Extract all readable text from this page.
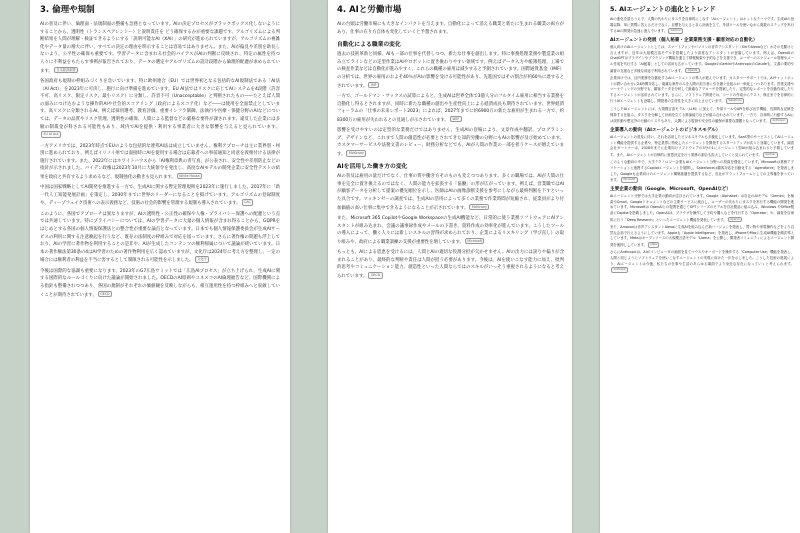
3. 倫理や規制

AIの普及に伴い、倫理面・法規制面の整備も急務となっています。AIの決定プロセスがブラックボックス化しないようにすることから、透明性（トランスペアレンシー）と説明責任を どう確保するかが重要な課題です。アルゴリズムによる判断結果を人間が理解・検証できるようにする「説明可能なAI（XAI）」の研究が進められていますが、アルゴリズムの複雑化やデータ量の増大に伴い、すべての決定の理由を明示することは容易ではありません。また、AIが偏見や差別を助長しないよう、公平性の確保も重要です。学習データに含まれる社会的バイアスがAIの判断に反映され、特定の属性を持つ人々に不利益をもたらす事例が報告されており、データの選定やアルゴリズムの設計段階から倫理的配慮が求められています。 日本経済新聞

各国政府も規制の枠組みづくりを急いでいます。特に欧州連合（EU）では世界初となる包括的なAI規制法である「AI法（AI Act）」を2023年に可決し、施行に向け準備を進めています。EU AI法ではリスクに応じてAIシステムを4段階（許容不可、高リスク、限定リスク、最小リスク）に分類し、許容不可（Unacceptable）と判断されたもの――たとえば人間の弱みにつけ込むような操作的AIや社会的スコアリング（政府によるスコア化）など――は使用を全面禁止としています。高リスクに分類されるAI、例えば採用選考、教育評価、重要インフラ制御、法執行や医療・保健分野のAIなどについては、データの品質やリスク管理、透明性の確保、人間による監督などの厳格な要件が課されます。違反した企業には多額の制裁金が科される可能性もあり、域内でAIを提供・利用する事業者に大きな影響を与えると見られています。EU AI Act

一方アメリカでは、2023年時点でEUのような包括的な連邦AI法は成立していません。権利アプローチは主に業界別・州別に進められており、例えばイリノイ州では面接時にAIを使用する場合は応募者への事前通知と同意を義務付ける法律が施行されています。また、2022年にはホワイトハウスから「AI権利章典の青写真」が公表され、安全性や差別防止などの指針が示されました。バイデン政権は2023年10月に大統領令を発出し、高度なAIモデルの開発企業に安全性テストの結果を政府と共有するよう求めるなど、規制強化の動きも見られます。 White House

中国は国家戦略としてAI開発を推進する一方で、生成AIに関する暫定管理規則を2023年に施行しました。2017年に「新一代人工知能発展計画」を策定し、2030年までに世界のリーダーになることを掲げています。アルゴリズムの登録制度や、ディープフェイク技術への表示義務など、技術の社会的影響を管理する規制も導入されています。 CAC

このように、各国でアプローチは異なりますが、AIの透明性・公正性の確保や人権・プライバシー保護への配慮という点では共通しています。特にプライバシーについては、AIの学習データに大量の個人情報が含まれ得ることから、GDPRをはじめとする各国の個人情報保護法との整合性が重要な論点となっています。日本でも個人情報保護委員会が生成AIサービスの利用に関する注意喚起を行うなど、既存の法制度の枠組みで対応を図っています。さらに著作権の問題も浮上しており、AIの学習に著作物を利用することの是非や、AIが生成したコンテンツの権利帰属について議論が続いています。日本の著作権法第30条の4はAI学習のための著作物利用を広く認めていますが、文化庁は2024年に考え方を整理し、一定の場合には権利者の利益を不当に害するとして制限される可能性を示しました。 文化庁

今後は国際的な協調も重要になります。2023年のG7広島サミットでは「広島AIプロセス」が立ち上げられ、生成AIに関する国際的なルールづくりに向けた議論が開始されました。OECDのAI原則やユネスコのAI倫理勧告など、国際機関による指針も整備されつつあり、各国の規制がそれぞれの価値観を反映しながらも、相互運用性を持つ枠組みへと収斂していくことが期待されています。 OECD

4. AIと労働市場

AIの台頭は労働市場にも大きなインパクトを与えます。自動化によって消える職業と新たに生まれる職業の両方があり、仕事の在り方自体も変化していくと予想されます。

自動化による職業の変化

過去の技術革新と同様、AIも一部の仕事を代替しつつ、新たな仕事を創出します。特に事務処理業務や製造業の組み立てラインなどの定型作業はAIやロボットに置き換わりやすい領域です。例えばデータ入力や帳簿処理、工場での検査作業などは自動化が進みやすく、これらの職種の雇用は減少すると予測されています。国際通貨基金（IMF）の分析では、世界の雇用のおよそ40％がAIの影響を受ける可能性があり、先進国ではその割合が約60％に達するとされています。 IMF

一方で、ゴールドマン・サックスの試算によると、生成AIは世界全体で3億人分のフルタイム雇用に相当する業務を自動化し得るとされますが、同時に新たな職種の創出や生産性向上による経済成長も期待されています。世界経済フォーラムの「仕事の未来レポート2023」によれば、2027年までに約6900万の新たな雇用が生まれる一方で、約8300万の雇用が失われるとの見通しが示されています。 WEF

影響を受けやすいのは定型的な業務だけではありません。生成AIの登場により、文章作成や翻訳、プログラミング、デザインなど、これまで人間の創造性が必要とされてきた知的労働の分野にもAIの影響が及び始めています。カスタマーサービスや法務文書のレビュー、財務分析などでも、AIが人間の作業の一部を担うケースが増えています。 McKinsey

AIを活用した働き方の変化

AIの普及は雇用の量だけでなく、仕事の質や働き方そのものも変えつつあります。多くの職場では、AIが人間の仕事を完全に置き換えるのではなく、人間の能力を拡張する「協働」の形が広がっています。例えば、営業職ではAIが顧客データを分析して提案の優先順位を示し、医師はAIの画像診断支援を参考にしながら最終判断を下すといった具合です。マッキンゼーの調査では、生成AIの活用によって多くの業務で作業時間が短縮され、従業員がより付加価値の高い仕事に集中できるようになることが示されています。 McKinsey

また、Microsoft 365 CopilotやGoogle Workspaceの生成AI機能など、日常的に使う業務ソフトウェアにAIアシスタントが組み込まれ、会議の議事録作成やメールの下書き、資料作成の効率化が進んでいます。こうしたツールの導入によって、働く人々には新しいスキルの習得が求められており、企業によるリスキリング（学び直し）の取り組みや、政府による職業訓練の支援が重要性を増しています。 Microsoft

もっとも、AIによる恩恵を受けるには、人間とAIの適切な役割分担が欠かせません。AIの出力には誤りや偏りが含まれることがあり、最終的な判断や責任は人間が担う必要があります。今後は、AIを使いこなす能力に加え、批判的思考やコミュニケーション能力、創造性といった人間ならではのスキルがいっそう重視されるようになると考えられています。 OECD

5. AIエージェントの進化とトレンド

AIの進化を語るうえで、人間の代わりにタスクを自律的にこなす「AIエージェント」はホットなテーマです。生成AIの登場以降、単に質問に答えるだけでなく、目標を与えると自ら計画を立て、外部ツールを使いながら複数のステップを実行するAIの開発が急速に進んでいます。 Gartner

AIエージェントの発展（個人秘書・企業業務支援・顧客対応の自動化）

個人向けのAIエージェントとしては、スマートフォンやパソコンの音声アシスタント（SiriやAlexaなど）がその先駆けと言えますが、近年は大規模言語モデルを搭載したより高度なアシスタントが登場しています。例えば、OpenAIのChatGPTはプラグインやブラウジング機能を通じて情報検索や予約などを支援でき、ユーザーのスケジュール管理やメール作成を代行する「AI秘書」としての活用も広がっています。GoogleのGeminiやAnthropicのClaudeも、文書の要約や調査の支援など多様な用途で利用されています。 OpenAI

企業向けでは、社内業務を自動化するAIエージェントの導入が進んでいます。カスタマーサポートでは、AIチャットボットが問い合わせに24時間対応し、複雑な案件のみを人間の担当者に引き継ぐ仕組みが一般化しつつあります。営業支援やマーケティングの分野でも、顧客データを分析して最適なアプローチを提案したり、定型的なレポートを自動作成したりするエージェントが活用されています。さらに、ソフトウェア開発では、コードの作成からテスト、修正までを自律的に行うAIエージェントも登場し、開発者の生産性を大きく向上させています。 Salesforce

こうしたAIエージェントには、大規模言語モデル（LLM）に加えて、外部ツールやAPIを呼び出す機能、長期的な記憶を保持する仕組み、タスクを分解して計画を立てる推論能力などが組み合わされています。一方で、自律的に行動するAIには誤作動や想定外の行動のリスクもあり、人間による監督や安全性の確保が重要な課題となっています。 Anthropic

企業導入の動向（AIエージェントのビジネスモデル）

AIエージェントの普及に伴い、それを活用したビジネスモデルも多様化しています。SaaS型のサービスとしてAIエージェント機能を提供する企業や、特定業界に特化したエージェントを開発するスタートアップが次々と登場しています。調査会社ガートナーは、2028年までに企業向けソフトウェアの3分の1にエージェント型AIが組み込まれると予測しています。また、AIエージェントが自律的に意思決定を行う業務の割合も拡大していくと見られています。 Gartner

このような動向の中で、大手テクノロジー企業もAIエージェント分野への投資を強化しています。Microsoftは業務アプリケーションと連携するCopilotエージェントを展開し、Salesforceは顧客対応を自動化する「Agentforce」を発表しました。Googleも企業向けのエージェント構築基盤を提供するなど、各社がプラットフォームとしての主導権を争っています。 Microsoft

主要企業の動向（Google、Microsoft、OpenAIなど）

AIエージェント分野では大手企業の動向が注目されています。Google（Alphabet）は自社のAIモデル「Gemini」を検索やGmail、Googleドキュメントなどの主要サービスに統合し、ユーザーの代わりにタスクを実行する機能の開発を進めています。Microsoftは OpenAIとの提携を通じてGPTシリーズのモデルを自社製品に組み込み、Windows やOffice製品にCopilotを搭載しました。OpenAIは、ブラウザを操作して予約や購入などを代行する「Operator」や、調査を自律的に行う「Deep Research」といったエージェント機能を発表しています。 OpenAI

また、Amazonは音声アシスタントAlexaに生成AIを組み込んだ新バージョンを発表し、買い物や家電操作などをより自然な会話で行えるようにしています。Appleも「Apple Intelligence」を発表し、iPhoneやMacに生成AI機能を順次導入しています。Metaはオープンソースの大規模言語モデル「Llama」を公開し、開発者コミュニティによるエージェント開発を後押ししています。 Meta

さらにAnthropicは、AIがコンピュータの画面を見てマウスやキーボードを操作する「Computer Use」機能を発表し、人間と同じようにソフトウェアを使いこなすエージェントの実現に向けた一歩を示しました。こうした技術の進展により、AIエージェントは今後、私たちの仕事や生活のあらゆる場面でより身近な存在になっていくと考えられます。Anthropic
